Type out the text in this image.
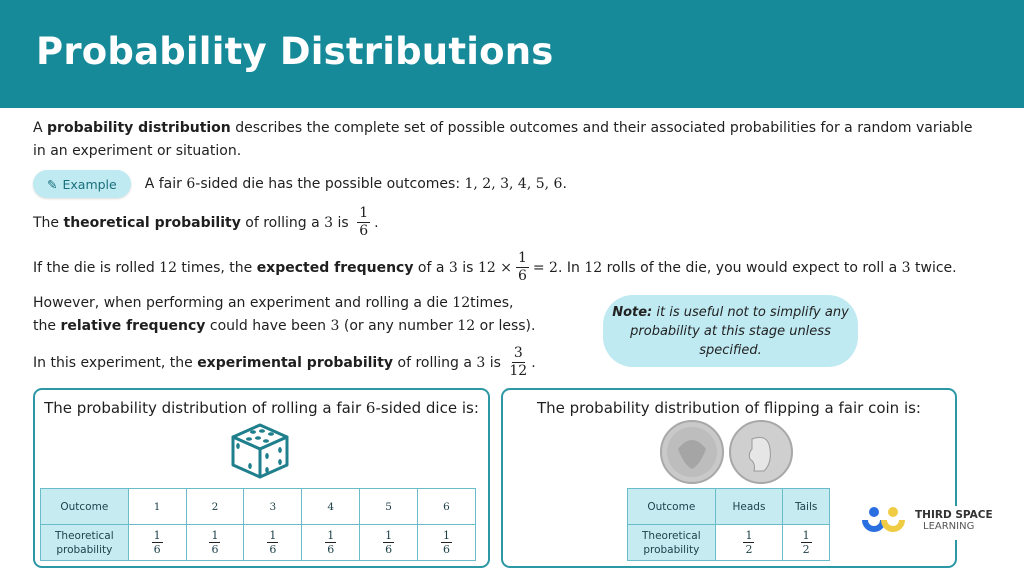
Probability Distributions
A
probability distribution describes the complete set of possible outcomes and their associated probabilities for a random variable
in an experiment or situation.
✎ Example A fair 6 -sided die has the possible outcomes: 1, 2, 3, 4, 5, 6 .
The theoretical probability of rolling a 3 is $\frac{1}{6}$ .
If the die is rolled 12 times, the expected frequency of a 3 is $12 \times \frac{1}{6} = 2$ . In 12 rolls of the die, you would expect to roll a 3 twice.
However, when performing an experiment and rolling a die 12 times,
the relative frequency could have been 3 (or any number 12 or less).
In this experiment, the experimental probability of rolling a 3 is $\frac{3}{12}$ .
Note: it is useful not to simplify any probability at this stage unless specified.
The probability distribution of rolling a fair 6-sided dice is:
Outcome	1	2	3	4	5	6
Theoretical probability	$\frac{1}{6}$	$\frac{1}{6}$	$\frac{1}{6}$	$\frac{1}{6}$	$\frac{1}{6}$	$\frac{1}{6}$
The probability distribution of flipping a fair coin is:
Outcome	Heads	Tails
Theoretical probability	$\frac{1}{2}$	$\frac{1}{2}$
THIRD SPACE
LEARNING
